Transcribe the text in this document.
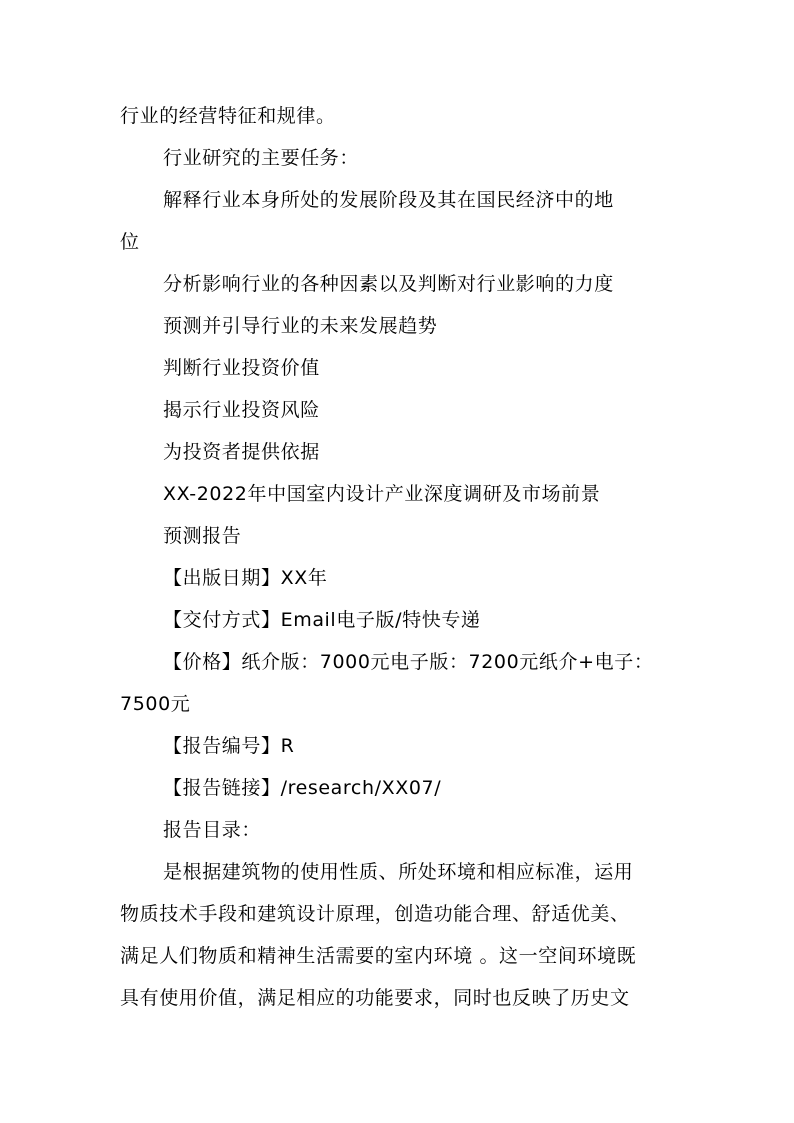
行业的经营特征和规律。
行业研究的主要任务：
解释行业本身所处的发展阶段及其在国民经济中的地
位
分析影响行业的各种因素以及判断对行业影响的力度
预测并引导行业的未来发展趋势
判断行业投资价值
揭示行业投资风险
为投资者提供依据
XX-2022年中国室内设计产业深度调研及市场前景
预测报告
【出版日期】XX年
【交付方式】Email电子版/特快专递
【价格】纸介版：7000元电子版：7200元纸介+电子：
7500元
【报告编号】R
【报告链接】/research/XX07/
报告目录：
是根据建筑物的使用性质、所处环境和相应标准，运用
物质技术手段和建筑设计原理，创造功能合理、舒适优美、
满足人们物质和精神生活需要的室内环境 。这一空间环境既
具有使用价值，满足相应的功能要求，同时也反映了历史文
